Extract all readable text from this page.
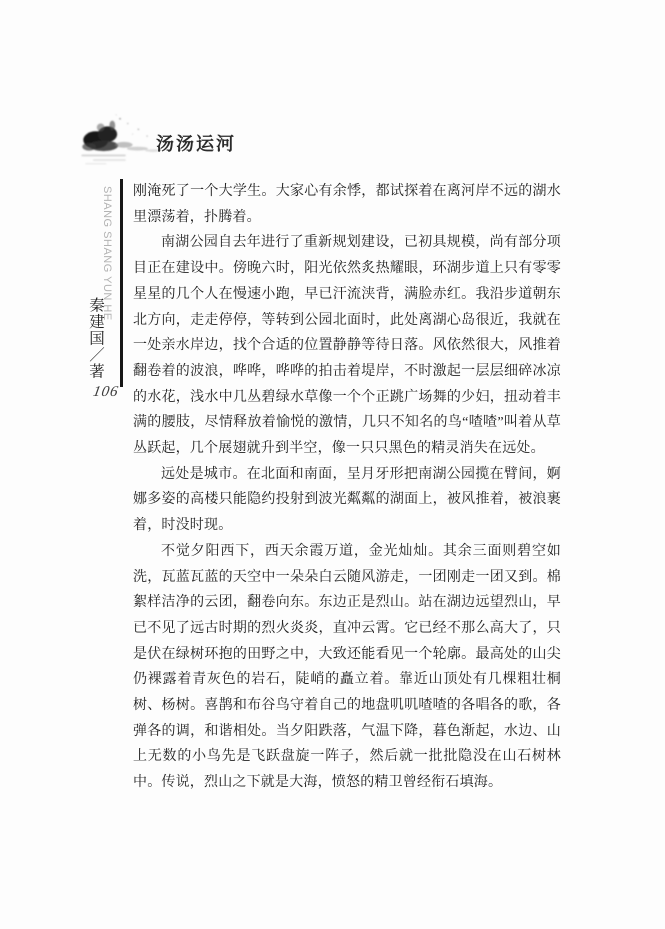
汤汤运河
SHANG SHANG YUN HE
秦建国／著
106

刚淹死了一个大学生。大家心有余悸，都试探着在离河岸不远的湖水里漂荡着，扑腾着。

南湖公园自去年进行了重新规划建设，已初具规模，尚有部分项目正在建设中。傍晚六时，阳光依然炙热耀眼，环湖步道上只有零零星星的几个人在慢速小跑，早已汗流浃背，满脸赤红。我沿步道朝东北方向，走走停停，等转到公园北面时，此处离湖心岛很近，我就在一处亲水岸边，找个合适的位置静静等待日落。风依然很大，风推着翻卷着的波浪，哗哗，哗哗的拍击着堤岸，不时激起一层层细碎冰凉的水花，浅水中几丛碧绿水草像一个个正跳广场舞的少妇，扭动着丰满的腰肢，尽情释放着愉悦的激情，几只不知名的鸟“喳喳”叫着从草丛跃起，几个展翅就升到半空，像一只只黑色的精灵消失在远处。

远处是城市。在北面和南面，呈月牙形把南湖公园揽在臂间，婀娜多姿的高楼只能隐约投射到波光粼粼的湖面上，被风推着，被浪裹着，时没时现。

不觉夕阳西下，西天余霞万道，金光灿灿。其余三面则碧空如洗，瓦蓝瓦蓝的天空中一朵朵白云随风游走，一团刚走一团又到。棉絮样洁净的云团，翻卷向东。东边正是烈山。站在湖边远望烈山，早已不见了远古时期的烈火炎炎，直冲云霄。它已经不那么高大了，只是伏在绿树环抱的田野之中，大致还能看见一个轮廓。最高处的山尖仍裸露着青灰色的岩石，陡峭的矗立着。靠近山顶处有几棵粗壮桐树、杨树。喜鹊和布谷鸟守着自己的地盘叽叽喳喳的各唱各的歌，各弹各的调，和谐相处。当夕阳跌落，气温下降，暮色渐起，水边、山上无数的小鸟先是飞跃盘旋一阵子，然后就一批批隐没在山石树林中。传说，烈山之下就是大海，愤怒的精卫曾经衔石填海。
